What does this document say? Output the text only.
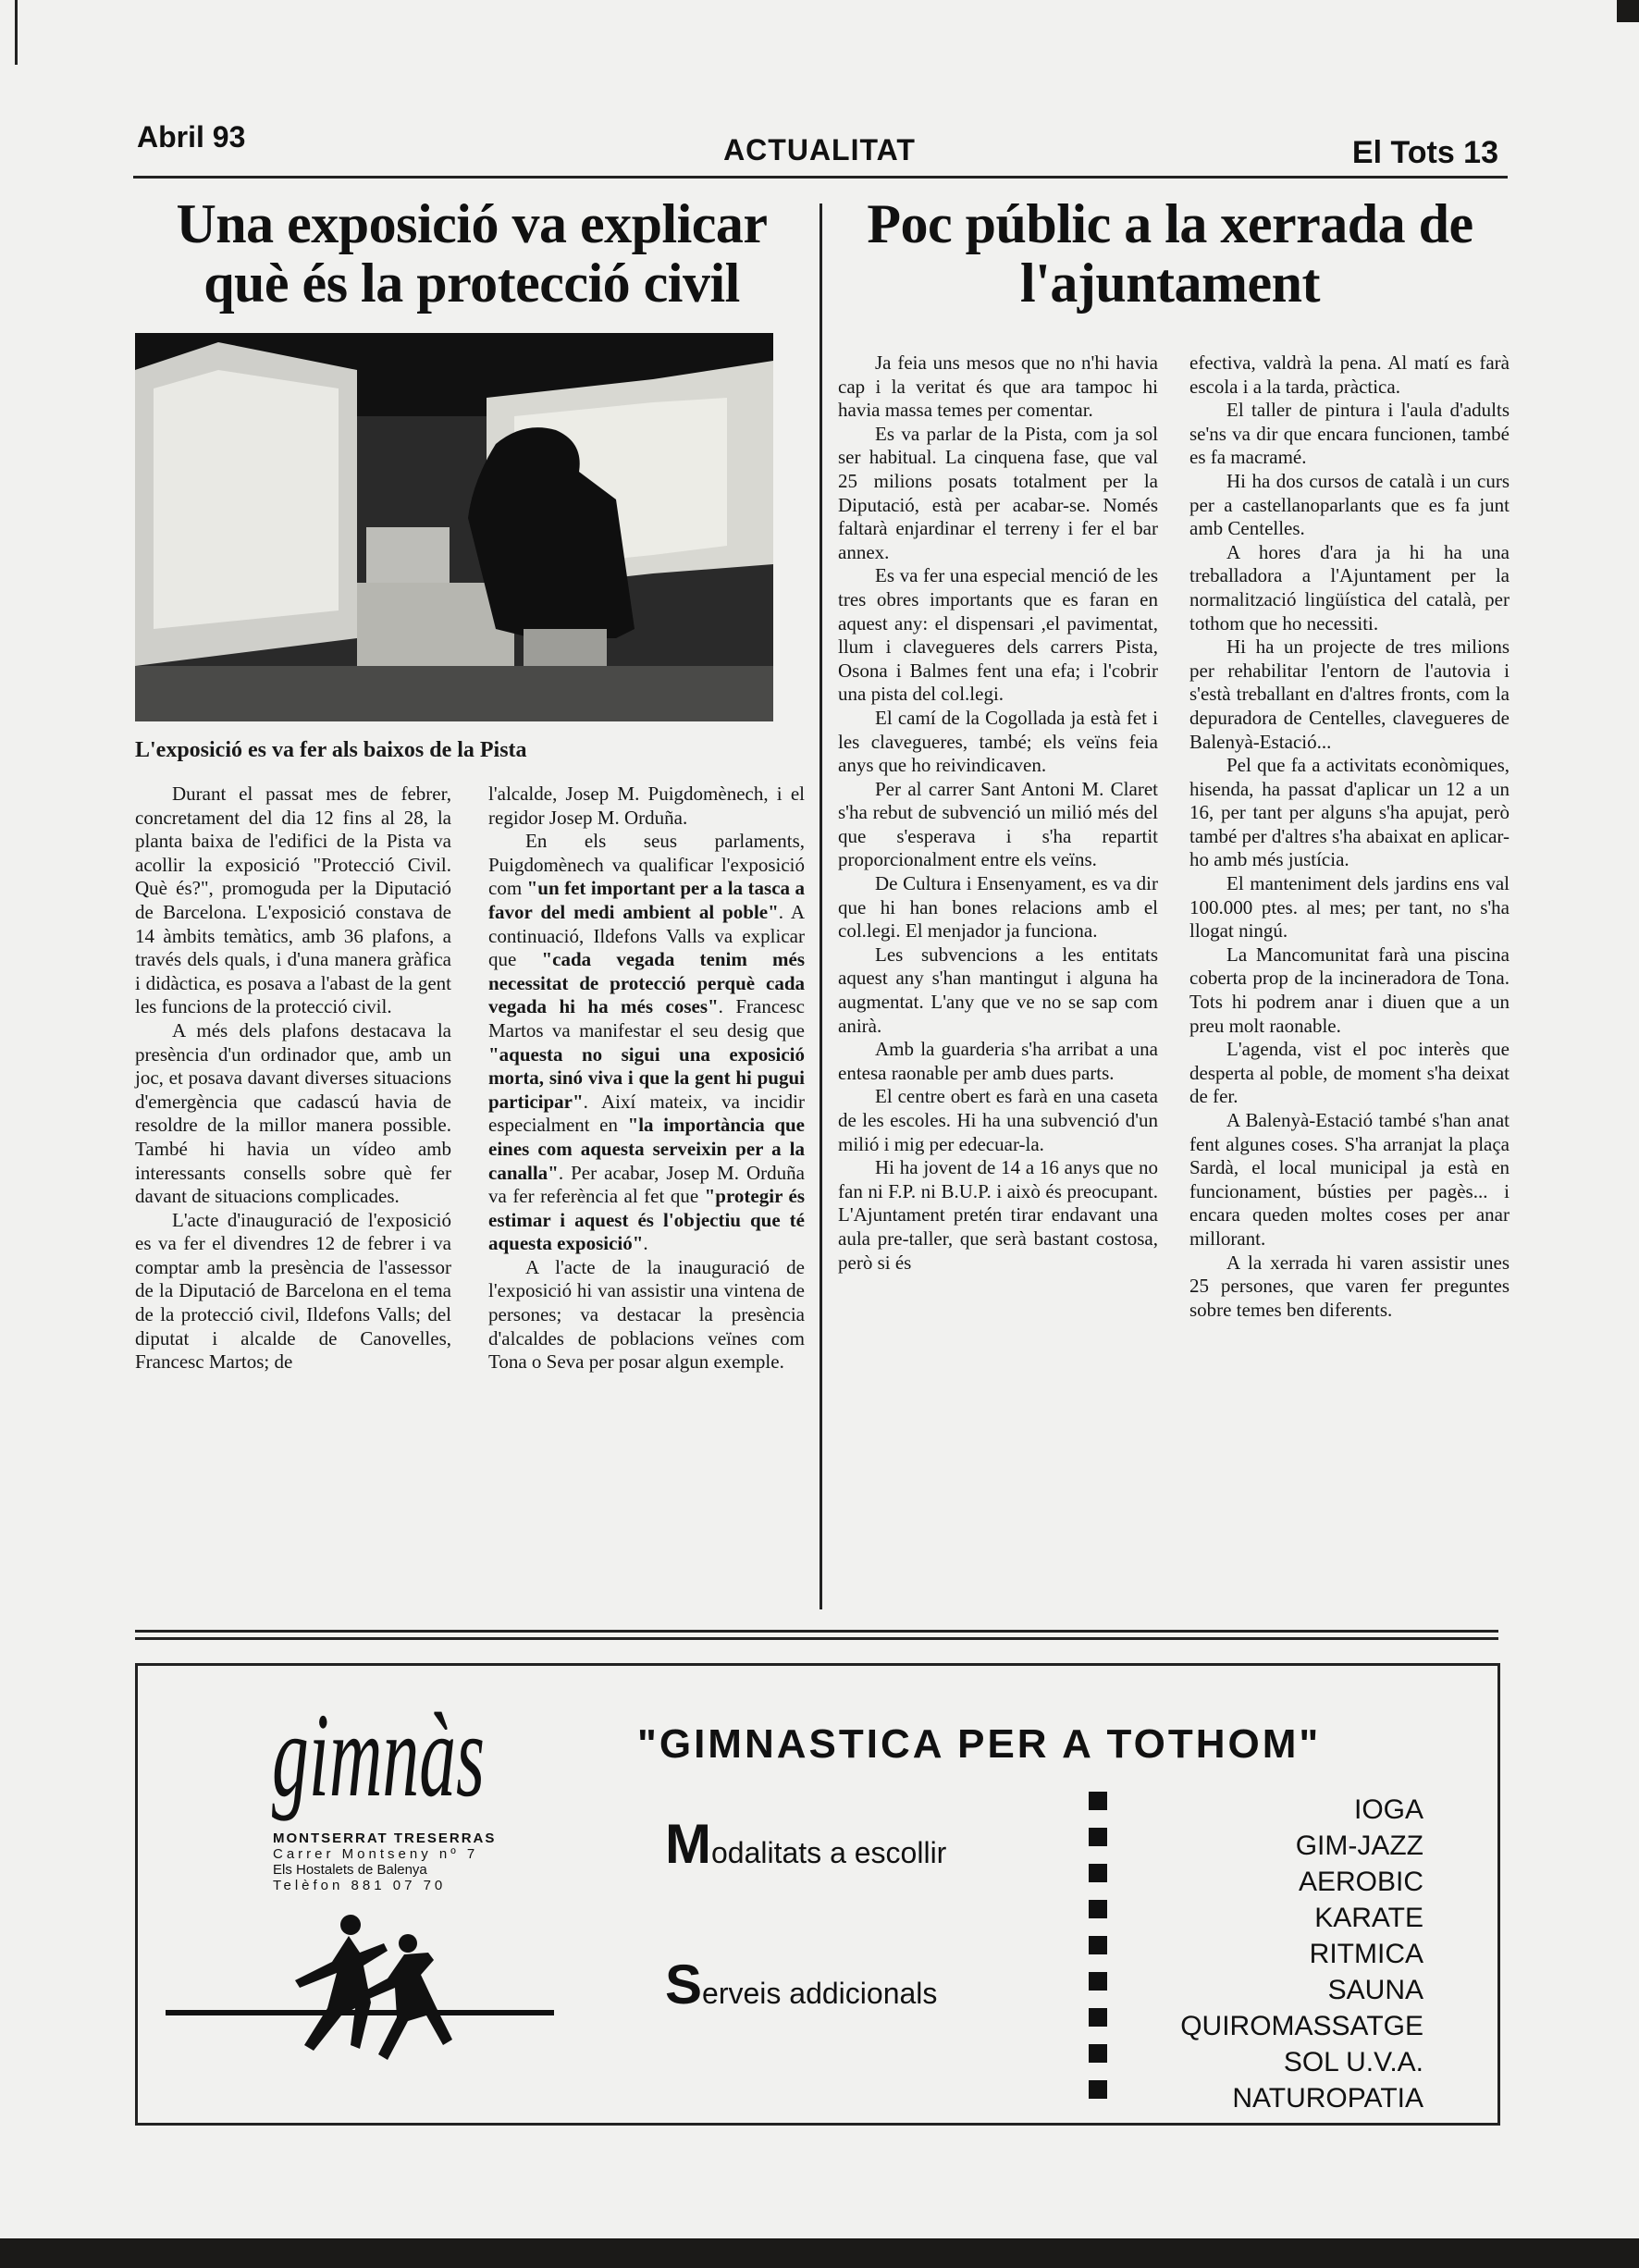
Abril 93	ACTUALITAT	El Tots 13
Una exposició va explicar què és la protecció civil
L'exposició es va fer als baixos de la Pista

Durant el passat mes de febrer, concretament del dia 12 fins al 28, la planta baixa de l'edifici de la Pista va acollir la exposició "Protecció Civil. Què és?", promoguda per la Diputació de Barcelona. L'exposició constava de 14 àmbits temàtics, amb 36 plafons, a través dels quals, i d'una manera gràfica i didàctica, es posava a l'abast de la gent les funcions de la protecció civil.

A més dels plafons destacava la presència d'un ordinador que, amb un joc, et posava davant diverses situacions d'emergència que cadascú havia de resoldre de la millor manera possible. També hi havia un vídeo amb interessants consells sobre què fer davant de situacions complicades.

L'acte d'inauguració de l'exposició es va fer el divendres 12 de febrer i va comptar amb la presència de l'assessor de la Diputació de Barcelona en el tema de la protecció civil, Ildefons Valls; del diputat i alcalde de Canovelles, Francesc Martos; de

l'alcalde, Josep M. Puigdomènech, i el regidor Josep M. Orduña.

En els seus parlaments, Puigdomènech va qualificar l'exposició com "un fet important per a la tasca a favor del medi ambient al poble". A continuació, Ildefons Valls va explicar que "cada vegada tenim més necessitat de protecció perquè cada vegada hi ha més coses". Francesc Martos va manifestar el seu desig que "aquesta no sigui una exposició morta, sinó viva i que la gent hi pugui participar". Així mateix, va incidir especialment en "la importància que eines com aquesta serveixin per a la canalla". Per acabar, Josep M. Orduña va fer referència al fet que "protegir és estimar i aquest és l'objectiu que té aquesta exposició".

A l'acte de la inauguració de l'exposició hi van assistir una vintena de persones; va destacar la presència d'alcaldes de poblacions veïnes com Tona o Seva per posar algun exemple.

Poc públic a la xerrada de l'ajuntament

Ja feia uns mesos que no n'hi havia cap i la veritat és que ara tampoc hi havia massa temes per comentar.

Es va parlar de la Pista, com ja sol ser habitual. La cinquena fase, que val 25 milions posats totalment per la Diputació, està per acabar-se. Només faltarà enjardinar el terreny i fer el bar annex.

Es va fer una especial menció de les tres obres importants que es faran en aquest any: el dispensari ,el pavimentat, llum i clavegueres dels carrers Pista, Osona i Balmes fent una efa; i l'cobrir una pista del col.legi.

El camí de la Cogollada ja està fet i les clavegueres, també; els veïns feia anys que ho reivindicaven.

Per al carrer Sant Antoni M. Claret s'ha rebut de subvenció un milió més del que s'esperava i s'ha repartit proporcionalment entre els veïns.

De Cultura i Ensenyament, es va dir que hi han bones relacions amb el col.legi. El menjador ja funciona.

Les subvencions a les entitats aquest any s'han mantingut i alguna ha augmentat. L'any que ve no se sap com anirà.

Amb la guarderia s'ha arribat a una entesa raonable per amb dues parts.

El centre obert es farà en una caseta de les escoles. Hi ha una subvenció d'un milió i mig per edecuar-la.

Hi ha jovent de 14 a 16 anys que no fan ni F.P. ni B.U.P. i això és preocupant. L'Ajuntament pretén tirar endavant una aula pre-taller, que serà bastant costosa, però si és

efectiva, valdrà la pena. Al matí es farà escola i a la tarda, pràctica.

El taller de pintura i l'aula d'adults se'ns va dir que encara funcionen, també es fa macramé.

Hi ha dos cursos de català i un curs per a castellanoparlants que es fa junt amb Centelles.

A hores d'ara ja hi ha una treballadora a l'Ajuntament per la normalització lingüística del català, per tothom que ho necessiti.

Hi ha un projecte de tres milions per rehabilitar l'entorn de l'autovia i s'està treballant en d'altres fronts, com la depuradora de Centelles, clavegueres de Balenyà-Estació...

Pel que fa a activitats econòmiques, hisenda, ha passat d'aplicar un 12 a un 16, per tant per alguns s'ha apujat, però també per d'altres s'ha abaixat en aplicar-ho amb més justícia.

El manteniment dels jardins ens val 100.000 ptes. al mes; per tant, no s'ha llogat ningú.

La Mancomunitat farà una piscina coberta prop de la incineradora de Tona. Tots hi podrem anar i diuen que a un preu molt raonable.

L'agenda, vist el poc interès que desperta al poble, de moment s'ha deixat de fer.

A Balenyà-Estació també s'han anat fent algunes coses. S'ha arranjat la plaça Sardà, el local municipal ja està en funcionament, bústies per pagès... i encara queden moltes coses per anar millorant.

A la xerrada hi varen assistir unes 25 persones, que varen fer preguntes sobre temes ben diferents.

gimnàs
MONTSERRAT TRESERRAS
Carrer Montseny nº 7
Els Hostalets de Balenya
Telèfon 881 07 70
"GIMNASTICA PER A TOTHOM"
Modalitats a escollir
Serveis addicionals
IOGA
GIM-JAZZ
AEROBIC
KARATE
RITMICA
SAUNA
QUIROMASSATGE
SOL U.V.A.
NATUROPATIA
